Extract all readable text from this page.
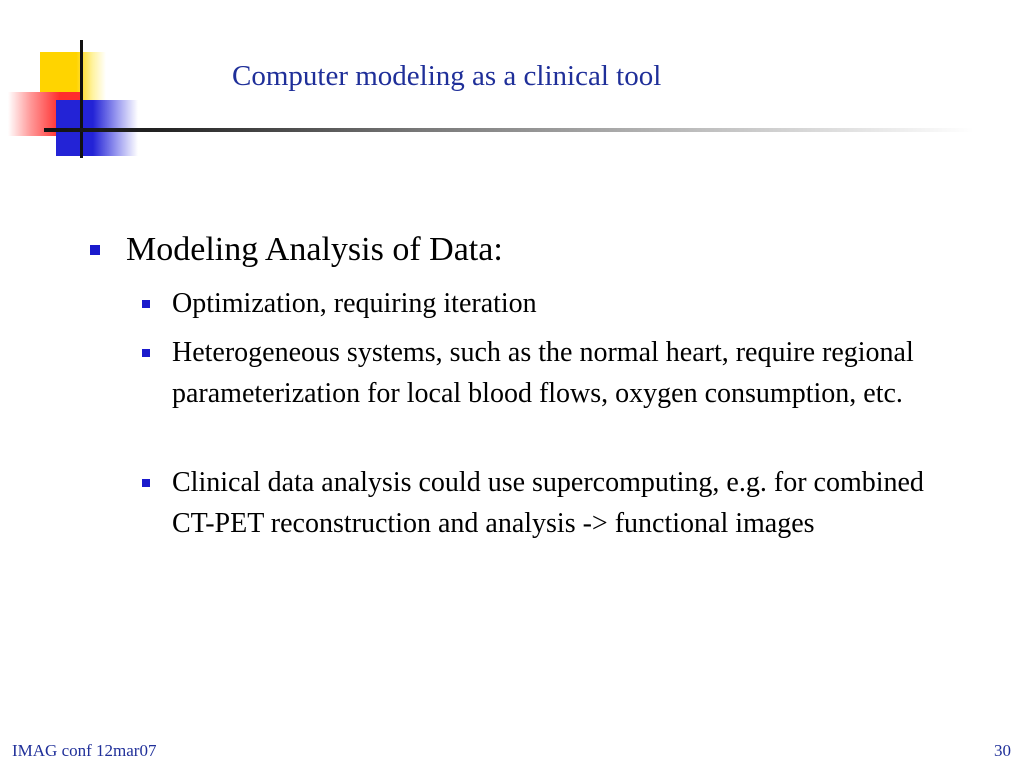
Computer modeling as a clinical tool
Modeling Analysis of Data:
Optimization, requiring iteration
Heterogeneous systems, such as the normal heart, require regional parameterization for local blood flows, oxygen consumption, etc.
Clinical data analysis could use supercomputing, e.g. for combined CT-PET reconstruction and analysis -> functional images
IMAG conf 12mar07	30
